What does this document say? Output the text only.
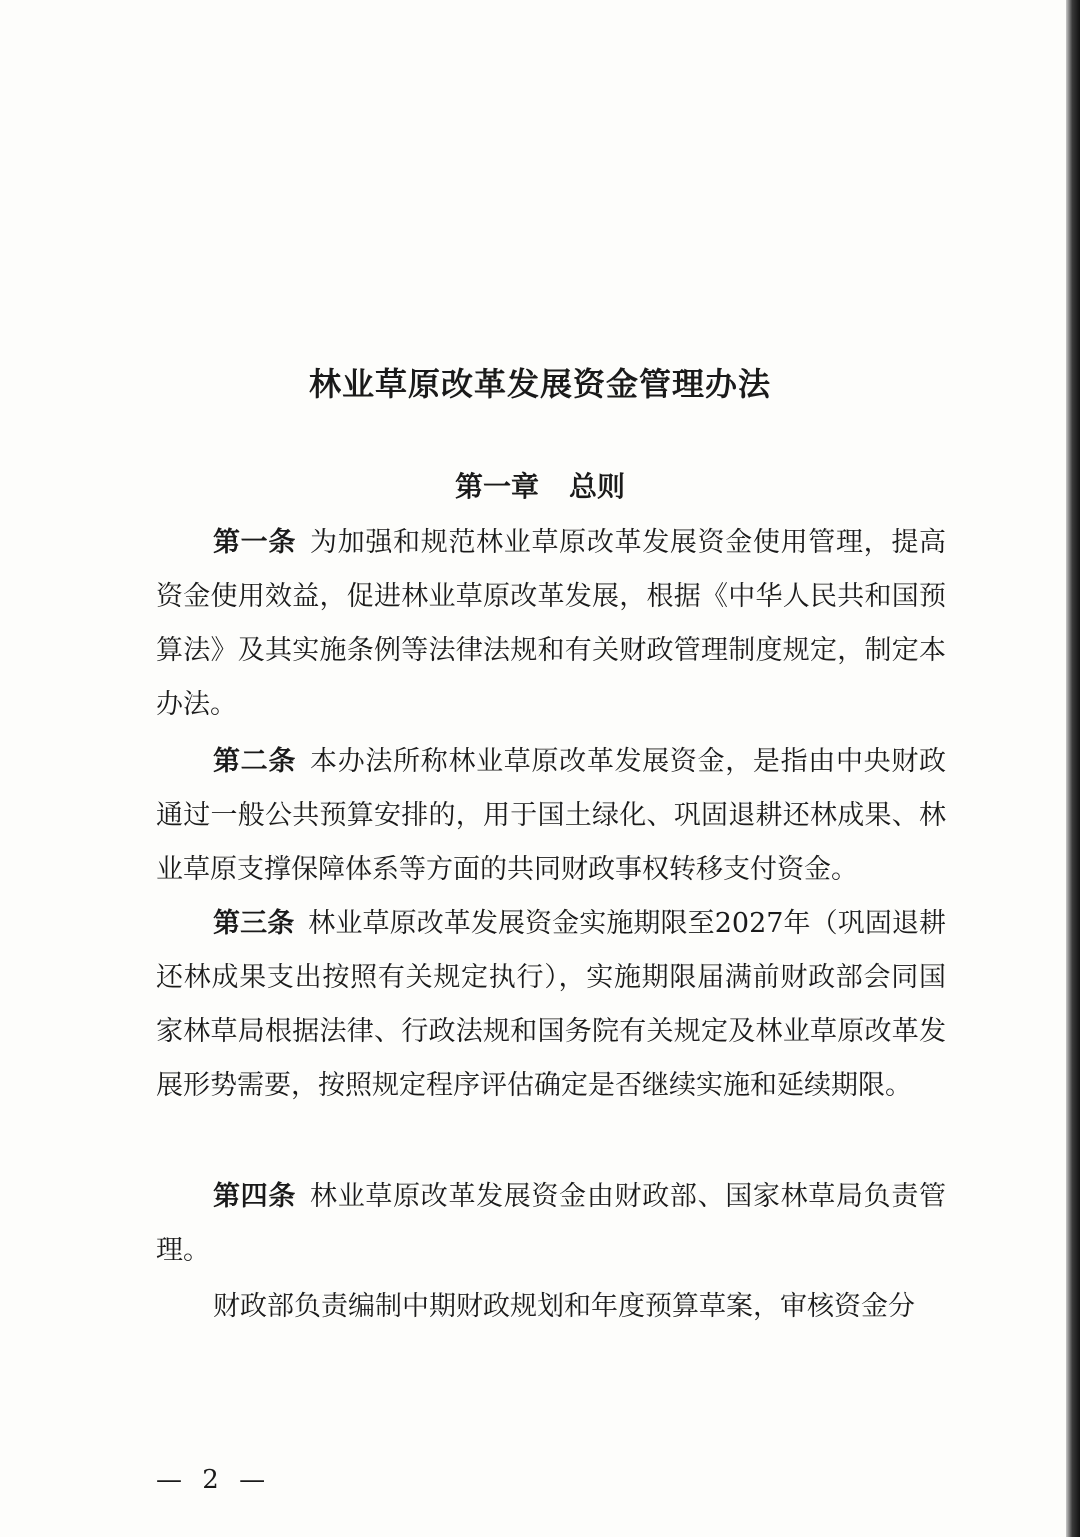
林业草原改革发展资金管理办法
第一章 总则

第一条 为加强和规范林业草原改革发展资金使用管理，提高资金使用效益，促进林业草原改革发展，根据《中华人民共和国预算法》及其实施条例等法律法规和有关财政管理制度规定，制定本办法。

第二条 本办法所称林业草原改革发展资金，是指由中央财政通过一般公共预算安排的，用于国土绿化、巩固退耕还林成果、林业草原支撑保障体系等方面的共同财政事权转移支付资金。

第三条 林业草原改革发展资金实施期限至2027年（巩固退耕还林成果支出按照有关规定执行），实施期限届满前财政部会同国家林草局根据法律、行政法规和国务院有关规定及林业草原改革发展形势需要，按照规定程序评估确定是否继续实施和延续期限。

第四条 林业草原改革发展资金由财政部、国家林草局负责管理。

财政部负责编制中期财政规划和年度预算草案，审核资金分

— 2 —
